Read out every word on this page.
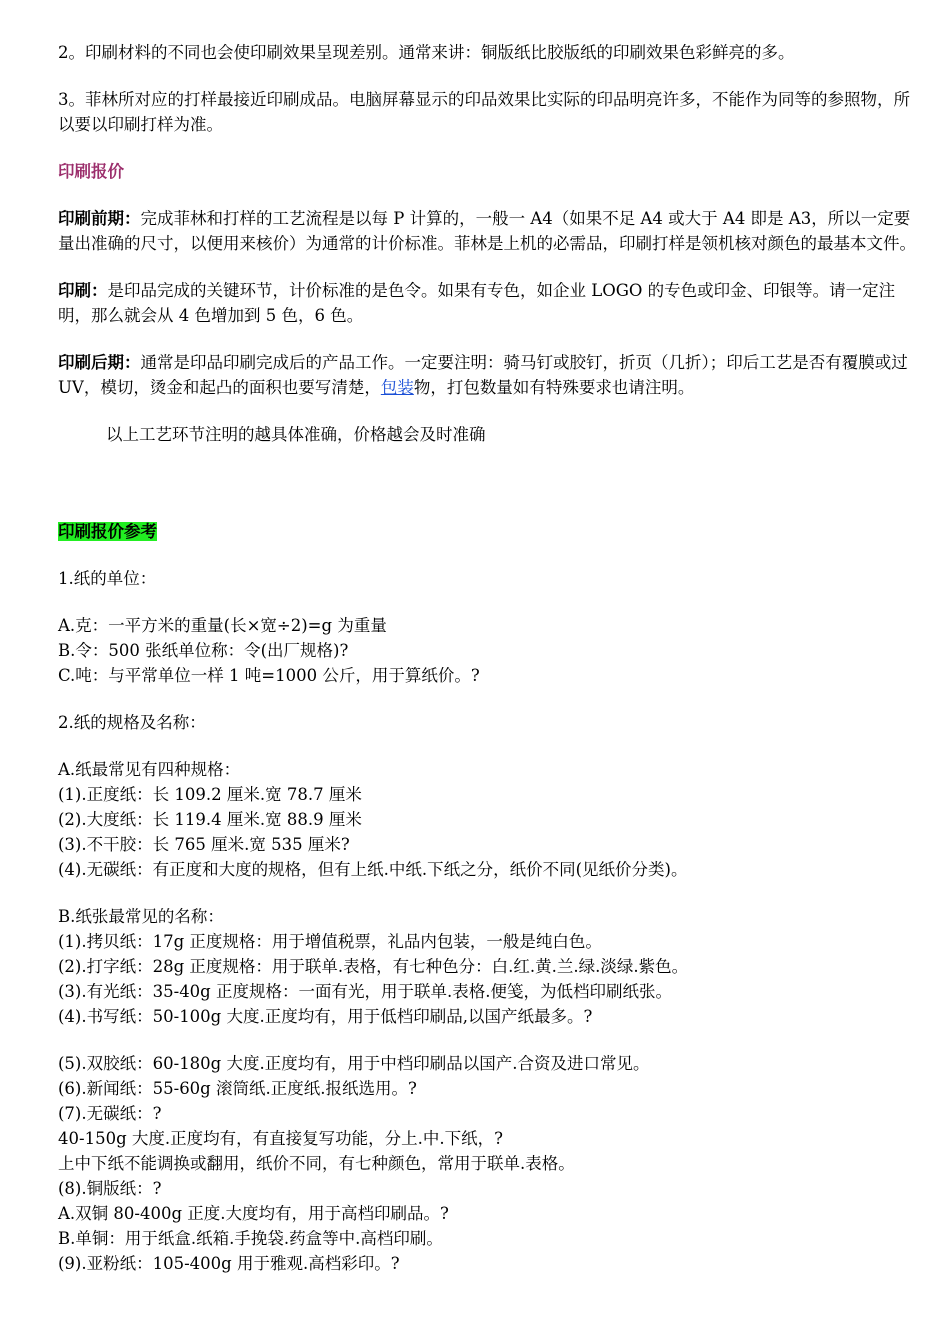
2。印刷材料的不同也会使印刷效果呈现差别。通常来讲：铜版纸比胶版纸的印刷效果色彩鲜亮的多。

3。菲林所对应的打样最接近印刷成品。电脑屏幕显示的印品效果比实际的印品明亮许多，不能作为同等的参照物，所以要以印刷打样为准。

印刷报价

印刷前期：完成菲林和打样的工艺流程是以每 P 计算的，一般一 A4（如果不足 A4 或大于 A4 即是 A3，所以一定要量出准确的尺寸，以便用来核价）为通常的计价标准。菲林是上机的必需品，印刷打样是领机核对颜色的最基本文件。

印刷：是印品完成的关键环节，计价标准的是色令。如果有专色，如企业 LOGO 的专色或印金、印银等。请一定注明，那么就会从 4 色增加到 5 色，6 色。

印刷后期：通常是印品印刷完成后的产品工作。一定要注明：骑马钉或胶钉，折页（几折）；印后工艺是否有覆膜或过 UV，模切，烫金和起凸的面积也要写清楚，包装物，打包数量如有特殊要求也请注明。

以上工艺环节注明的越具体准确，价格越会及时准确

印刷报价参考

1.纸的单位：

A.克：一平方米的重量(长×宽÷2)=g 为重量
B.令：500 张纸单位称：令(出厂规格)?
C.吨：与平常单位一样 1 吨=1000 公斤，用于算纸价。?

2.纸的规格及名称：

A.纸最常见有四种规格：
(1).正度纸：长 109.2 厘米.宽 78.7 厘米
(2).大度纸：长 119.4 厘米.宽 88.9 厘米
(3).不干胶：长 765 厘米.宽 535 厘米?
(4).无碳纸：有正度和大度的规格，但有上纸.中纸.下纸之分，纸价不同(见纸价分类)。
B.纸张最常见的名称：
(1).拷贝纸：17g 正度规格：用于增值税票，礼品内包装，一般是纯白色。
(2).打字纸：28g 正度规格：用于联单.表格，有七种色分：白.红.黄.兰.绿.淡绿.紫色。
(3).有光纸：35-40g 正度规格：一面有光，用于联单.表格.便笺，为低档印刷纸张。
(4).书写纸：50-100g 大度.正度均有，用于低档印刷品,以国产纸最多。?
(5).双胶纸：60-180g 大度.正度均有，用于中档印刷品以国产.合资及进口常见。
(6).新闻纸：55-60g 滚筒纸.正度纸.报纸选用。?
(7).无碳纸：?
40-150g 大度.正度均有，有直接复写功能，分上.中.下纸，?
上中下纸不能调换或翻用，纸价不同，有七种颜色，常用于联单.表格。
(8).铜版纸：?
A.双铜 80-400g 正度.大度均有，用于高档印刷品。?
B.单铜：用于纸盒.纸箱.手挽袋.药盒等中.高档印刷。
(9).亚粉纸：105-400g 用于雅观.高档彩印。?
